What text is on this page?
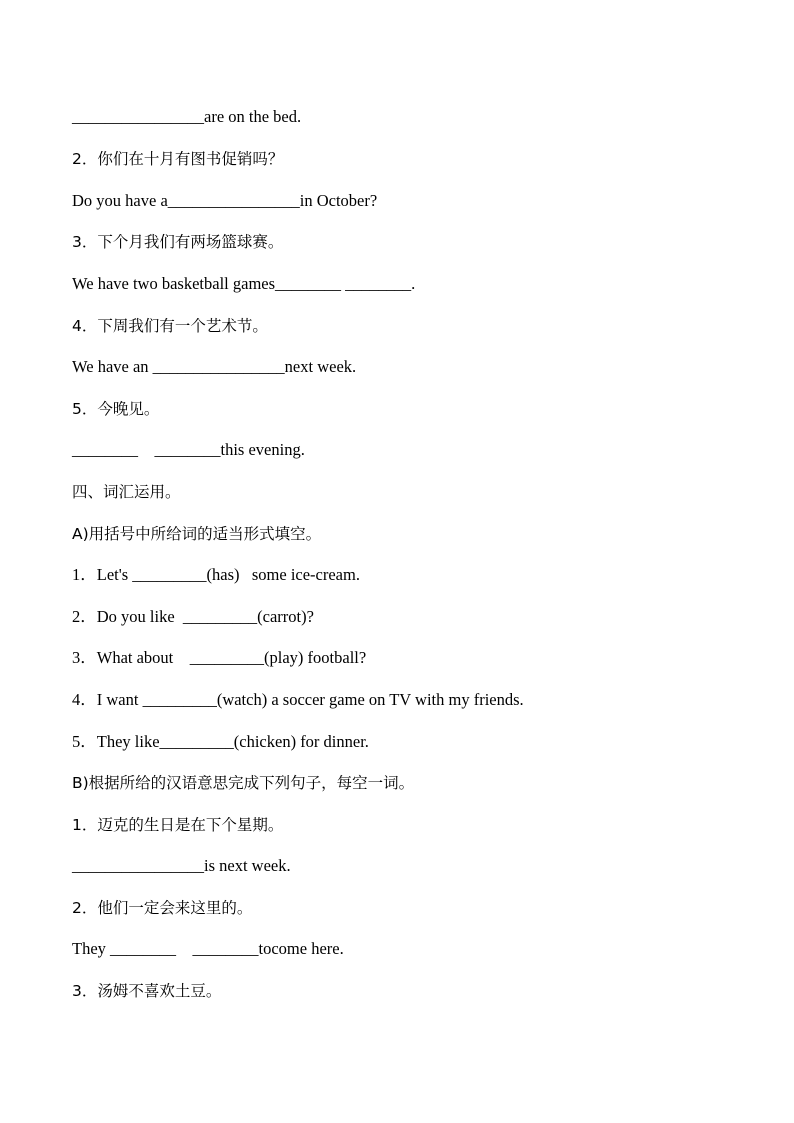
________________are on the bed.
2．你们在十月有图书促销吗？
Do you have a________________in October?
3．下个月我们有两场篮球赛。
We have two basketball games________ ________.
4．下周我们有一个艺术节。
We have an ________________next week.
5．今晚见。
________    ________this evening.
四、词汇运用。
A)用括号中所给词的适当形式填空。
1．Let's _________(has)   some ice-cream.
2．Do you like  _________(carrot)?
3．What about    _________(play) football?
4．I want _________(watch) a soccer game on TV with my friends.
5．They like_________(chicken) for dinner.
B)根据所给的汉语意思完成下列句子，每空一词。
1．迈克的生日是在下个星期。
________________is next week.
2．他们一定会来这里的。
They ________    ________tocome here.
3．汤姆不喜欢土豆。
